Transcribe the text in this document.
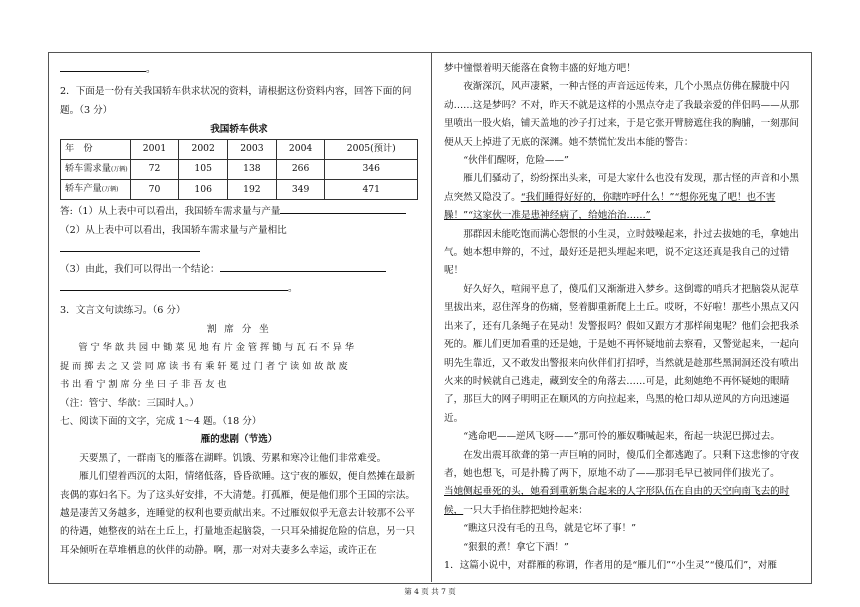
。

2．下面是一份有关我国轿车供求状况的资料，请根据这份资料内容，回答下面的问题。（3 分）

我国轿车供求

年　份	2001	2002	2003	2004	2005(预计)
轿车需求量(万辆)	72	105	138	266	346
轿车产量(万辆)	70	106	192	349	471

答:（1）从上表中可以看出，我国轿车需求量与产量

（2）从上表中可以看出，我国轿车需求量与产量相比

（3）由此，我们可以得出一个结论：

。

3．文言文句读练习。（6 分）

割 席 分 坐

管 宁 华 歆 共 园 中 锄 菜 见 地 有 片 金 管 挥 锄 与 瓦 石 不 异 华

捉 而 掷 去 之 又 尝 同 席 读 书 有 乘 轩 冕 过 门 者 宁 读 如 故 歆 废

书 出 看 宁 割 席 分 坐 曰 子 非 吾 友 也

（注：管宁、华歆：三国时人。）

七、阅读下面的文字，完成 1～4 题。（18 分）

雁的悲剧（节选）

天要黑了，一群南飞的雁落在湖畔。饥饿、劳累和寒冷让他们非常难受。

雁儿们望着西沉的太阳，情绪低落，昏昏欲睡。这宁夜的雁奴，便自然摊在最新丧偶的寡妇名下。为了这头好安排，不大清楚。打孤雁，便是他们那个王国的宗法。越是凄苦又务越多，连睡觉的权利也要贡献出来。不过雁奴似乎无意去计较那不公平的待遇，她整夜的站在土丘上，打量地歪起脑袋，一只耳朵捕捉危险的信息，另一只耳朵倾听在草堆栖息的伙伴的动静。啊，那一对对夫妻多么幸运，或许正在

梦中憧憬着明天能落在食物丰盛的好地方吧！

夜渐深沉，风声凄紧，一种古怪的声音远远传来，几个小黑点仿佛在朦胧中闪动……这是梦吗？不对，昨天不就是这样的小黑点夺走了我最亲爱的伴侣吗——从那里喷出一股火焰，铺天盖地的沙子打过来，于是它张开臂膀遮住我的胸脯，一刻那间便从天上掉进了无底的深渊。她不禁慌忙发出本能的警告：

“伙伴们醒呀，危险——”

雁儿们骚动了，纷纷探出头来，可是大家什么也没有发现，那古怪的声音和小黑点突然又隐没了。“我们睡得好好的，你瞎咋呼什么！”“想你死鬼了吧！也不害臊！”“这家伙一准是患神经病了，给她治治……”

那群因未能吃饱而满心怨恨的小生灵，立时鼓噪起来，扑过去拔她的毛，拿她出气。她本想申辩的，不过，最好还是把头埋起来吧，说不定这还真是我自己的过错呢！

好久好久，喧闹平息了，傻瓜们又渐渐进入梦乡。这倒霉的哨兵才把脑袋从泥草里拔出来，忍住浑身的伤痛，竖着脚重新爬上土丘。哎呀，不好啦！那些小黑点又闪出来了，还有几条绳子在晃动！发警报吗？假如又跟方才那样闹鬼呢？他们会把我杀死的。雁儿们更加看重的还是她，于是她不再怀疑地前去察看，又警觉起来，一起向明先生靠近，又不敢发出警报来向伙伴们打招呼，当然就是趁那些黑洞洞还没有喷出火来的时候就自己逃走，藏到安全的角落去……可是，此刻她绝不再怀疑她的眼睛了，那巨大的网子明明正在顺风的方向拉起来，鸟黑的枪口却从逆风的方向迅速逼近。

“逃命吧——逆风飞呀——”那可怜的雁奴嘶喊起来，衔起一块泥巴掷过去。

在发出震耳欲聋的第一声巨响的同时，傻瓜们全都逃跑了。只剩下这悲惨的守夜者，她也想飞，可是扑腾了两下，原地不动了——那羽毛早已被同伴们拔光了。

当她侧起垂死的头，她看到重新集合起来的人字形队伍在自由的天空向南飞去的时候，一只大手掐住脖把她拎起来：

“瞧这只没有毛的丑鸟，就是它坏了事！”

“狠狠的煮！拿它下酒！”

1．这篇小说中，对群雁的称谓，作者用的是“雁儿们”“小生灵”“傻瓜们”，对雁

第 4 页 共 7 页
